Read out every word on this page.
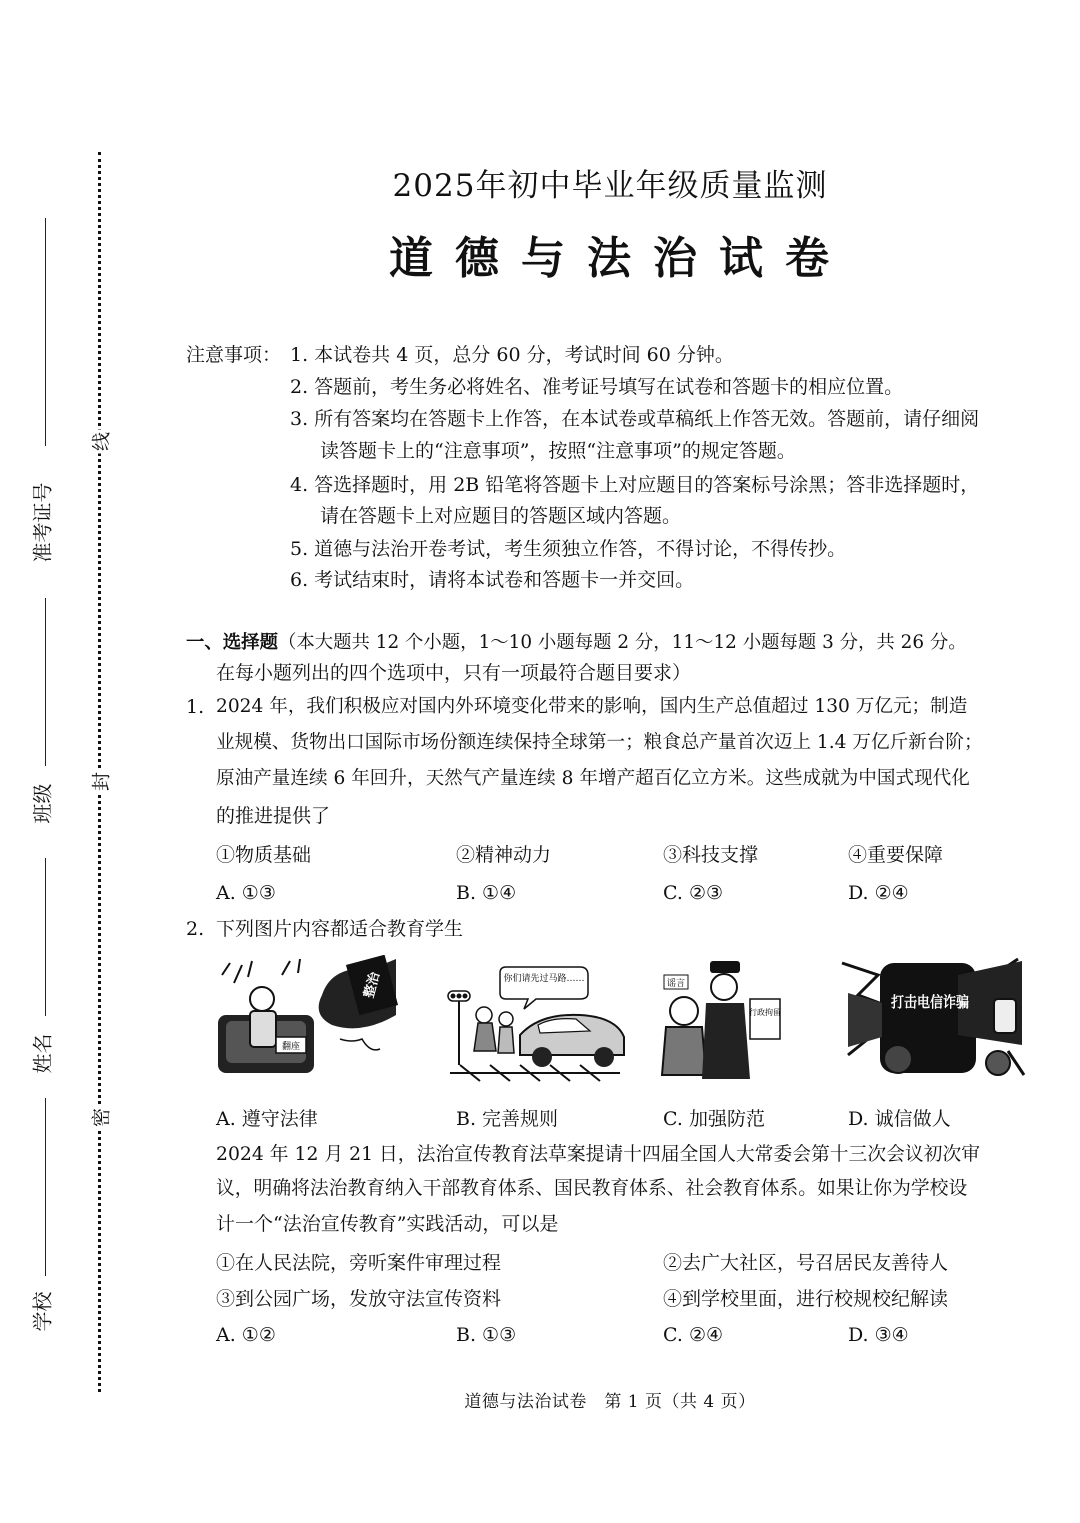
线
封
密
准考证号
班级
姓名
学校
2025年初中毕业年级质量监测
道德与法治试卷
注意事项： 1. 本试卷共 4 页，总分 60 分，考试时间 60 分钟。
2. 答题前，考生务必将姓名、准考证号填写在试卷和答题卡的相应位置。
3. 所有答案均在答题卡上作答，在本试卷或草稿纸上作答无效。答题前，请仔细阅
读答题卡上的“注意事项”，按照“注意事项”的规定答题。
4. 答选择题时，用 2B 铅笔将答题卡上对应题目的答案标号涂黑；答非选择题时，
请在答题卡上对应题目的答题区域内答题。
5. 道德与法治开卷考试，考生须独立作答，不得讨论，不得传抄。
6. 考试结束时，请将本试卷和答题卡一并交回。
一、选择题（本大题共 12 个小题，1～10 小题每题 2 分，11～12 小题每题 3 分，共 26 分。
在每小题列出的四个选项中，只有一项最符合题目要求）
1. 2024 年，我们积极应对国内外环境变化带来的影响，国内生产总值超过 130 万亿元；制造
业规模、货物出口国际市场份额连续保持全球第一；粮食总产量首次迈上 1.4 万亿斤新台阶；
原油产量连续 6 年回升，天然气产量连续 8 年增产超百亿立方米。这些成就为中国式现代化
的推进提供了
①物质基础	②精神动力	③科技支撑	④重要保障
A. ①③	B. ①④	C. ②③	D. ②④
2. 下列图片内容都适合教育学生
翻座
整治	你们请先过马路……	谣言
行政拘留
打击电信诈骗
A. 遵守法律	B. 完善规则	C. 加强防范	D. 诚信做人
2024 年 12 月 21 日，法治宣传教育法草案提请十四届全国人大常委会第十三次会议初次审
议，明确将法治教育纳入干部教育体系、国民教育体系、社会教育体系。如果让你为学校设
计一个“法治宣传教育”实践活动，可以是
①在人民法院，旁听案件审理过程	②去广大社区，号召居民友善待人
③到公园广场，发放守法宣传资料	④到学校里面，进行校规校纪解读
A. ①②	B. ①③	C. ②④	D. ③④
道德与法治试卷　第 1 页（共 4 页）
